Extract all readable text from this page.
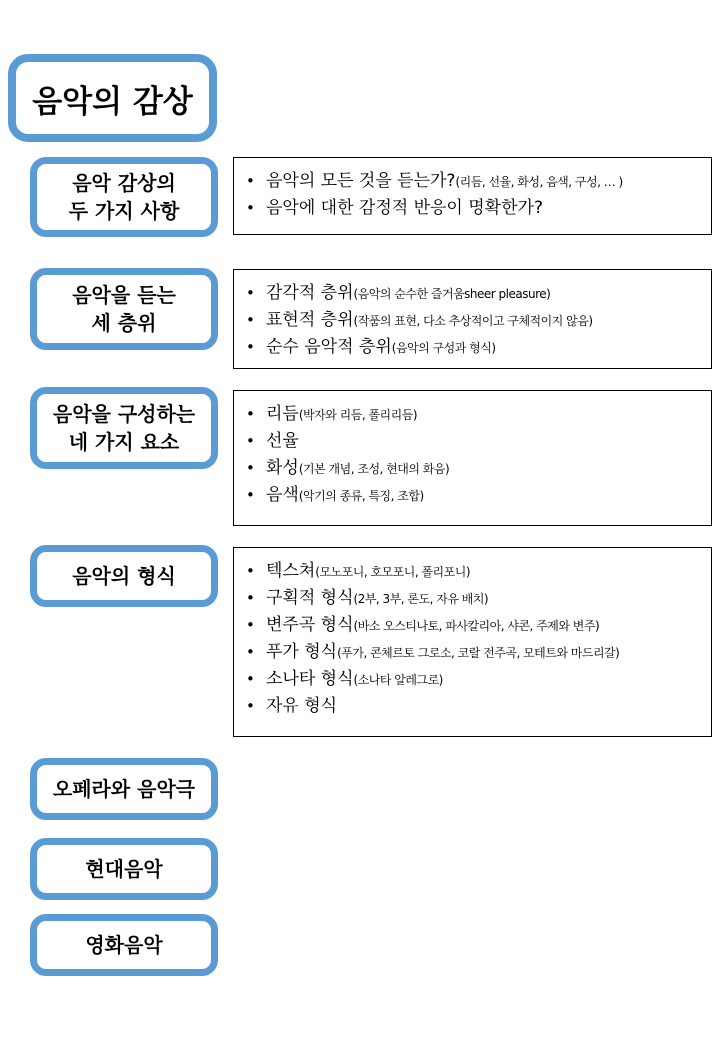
음악의 감상
음악 감상의
두 가지 사항
• 음악의 모든 것을 듣는가?(리듬, 선율, 화성, 음색, 구성, … )
• 음악에 대한 감정적 반응이 명확한가?
음악을 듣는
세 층위
• 감각적 층위(음악의 순수한 즐거움sheer pleasure)
• 표현적 층위(작품의 표현, 다소 추상적이고 구체적이지 않음)
• 순수 음악적 층위(음악의 구성과 형식)
음악을 구성하는
네 가지 요소
• 리듬(박자와 리듬, 폴리리듬)
• 선율
• 화성(기본 개념, 조성, 현대의 화음)
• 음색(악기의 종류, 특징, 조합)
음악의 형식	• 텍스쳐(모노포니, 호모포니, 폴리포니)
• 구획적 형식(2부, 3부, 론도, 자유 배치)
• 변주곡 형식(바소 오스티나토, 파사칼리아, 샤콘, 주제와 변주)
• 푸가 형식(푸가, 콘체르토 그로소, 코랄 전주곡, 모테트와 마드리갈)
• 소나타 형식(소나타 알레그로)
• 자유 형식
오페라와 음악극
현대음악
영화음악
